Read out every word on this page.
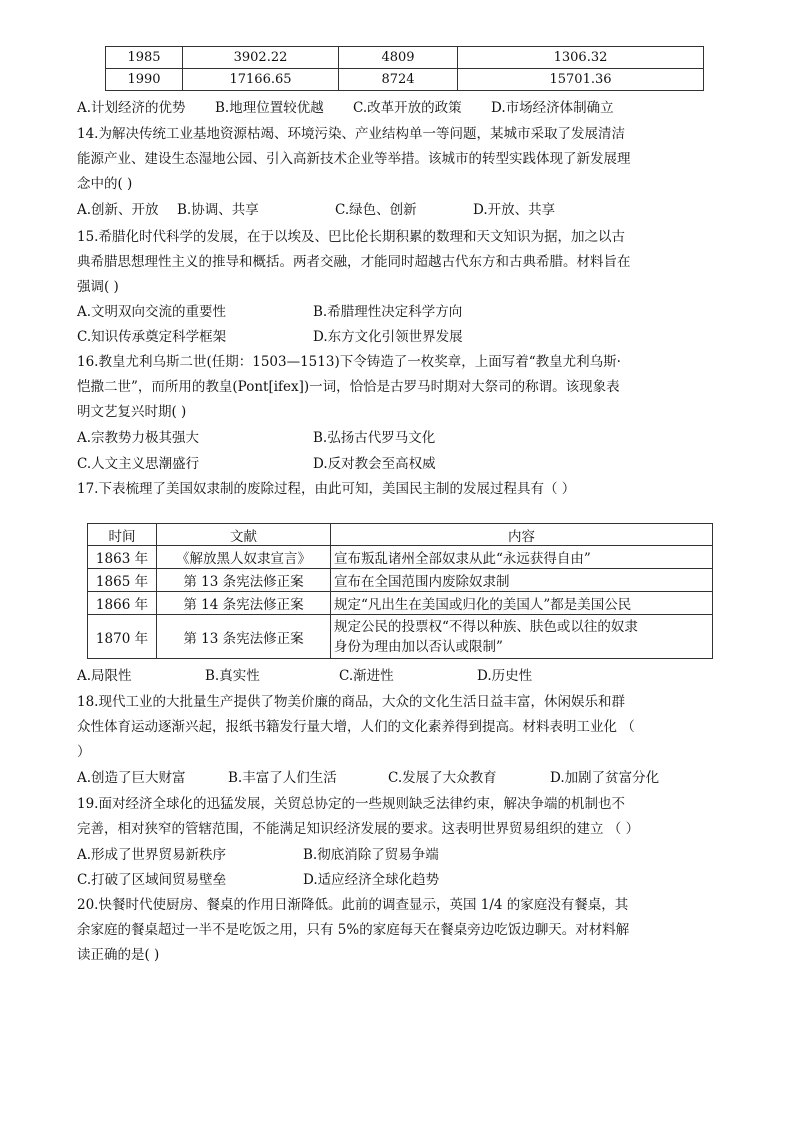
1985	3902.22	4809	1306.32
1990	17166.65	8724	15701.36
A.计划经济的优势 B.地理位置较优越 C.改革开放的政策 D.市场经济体制确立
14.为解决传统工业基地资源枯竭、环境污染、产业结构单一等问题，某城市采取了发展清洁
能源产业、建设生态湿地公园、引入高新技术企业等举措。该城市的转型实践体现了新发展理
念中的( )
A.创新、开放 B.协调、共享	C.绿色、创新	D.开放、共享
15.希腊化时代科学的发展，在于以埃及、巴比伦长期积累的数理和天文知识为据，加之以古
典希腊思想理性主义的推导和概括。两者交融，才能同时超越古代东方和古典希腊。材料旨在
强调( )
A.文明双向交流的重要性	B.希腊理性决定科学方向
C.知识传承奠定科学框架	D.东方文化引领世界发展
16.教皇尤利乌斯二世(任期：1503—1513)下令铸造了一枚奖章，上面写着“教皇尤利乌斯·
恺撒二世”，而所用的教皇(Pont[ifex])一词，恰恰是古罗马时期对大祭司的称谓。该现象表
明文艺复兴时期( )
A.宗教势力极其强大	B.弘扬古代罗马文化
C.人文主义思潮盛行	D.反对教会至高权威
17.下表梳理了美国奴隶制的废除过程，由此可知，美国民主制的发展过程具有（ ）
时间	文献	内容
1863 年	《解放黑人奴隶宣言》	宣布叛乱诸州全部奴隶从此“永远获得自由”
1865 年	第 13 条宪法修正案	宣布在全国范围内废除奴隶制
1866 年	第 14 条宪法修正案	规定“凡出生在美国或归化的美国人”都是美国公民
1870 年	第 13 条宪法修正案	规定公民的投票权“不得以种族、肤色或以往的奴隶
身份为理由加以否认或限制”
A.局限性	B.真实性	C.渐进性	D.历史性
18.现代工业的大批量生产提供了物美价廉的商品，大众的文化生活日益丰富，休闲娱乐和群
众性体育运动逐渐兴起，报纸书籍发行量大增，人们的文化素养得到提高。材料表明工业化 （
）
A.创造了巨大财富	B.丰富了人们生活	C.发展了大众教育	D.加剧了贫富分化
19.面对经济全球化的迅猛发展，关贸总协定的一些规则缺乏法律约束，解决争端的机制也不
完善，相对狭窄的管辖范围，不能满足知识经济发展的要求。这表明世界贸易组织的建立 （ ）
A.形成了世界贸易新秩序	B.彻底消除了贸易争端
C.打破了区域间贸易壁垒	D.适应经济全球化趋势
20.快餐时代使厨房、餐桌的作用日渐降低。此前的调查显示，英国 1/4 的家庭没有餐桌，其
余家庭的餐桌超过一半不是吃饭之用，只有 5%的家庭每天在餐桌旁边吃饭边聊天。对材料解
读正确的是( )
